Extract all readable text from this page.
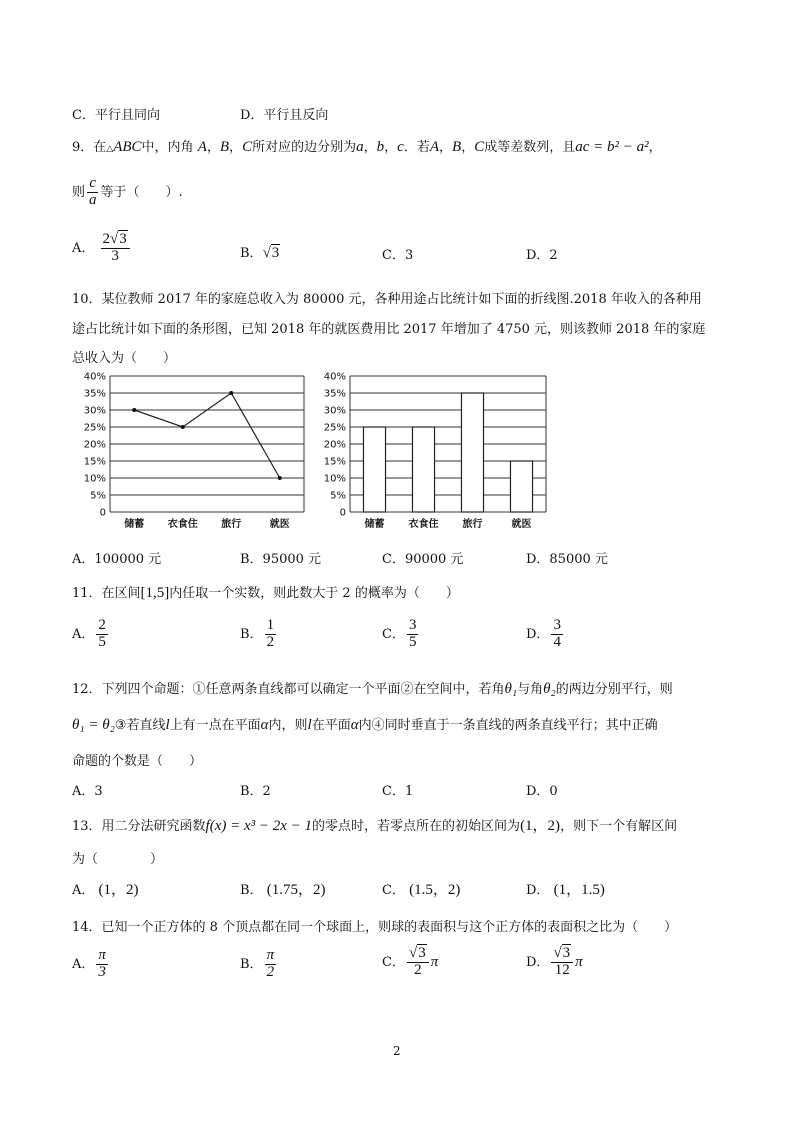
C．平行且同向	D．平行且反向
9．在△ABC中，内角 A，B，C所对应的边分别为a，b，c．若A，B，C成等差数列，且ac = b² − a²，
则 $\frac{c}{a}$ 等于（　　）.
A． $\frac{2√3}{3}$	B．√3	C．3	D．2
10．某位教师 2017 年的家庭总收入为 80000 元，各种用途占比统计如下面的折线图.2018 年收入的各种用
途占比统计如下面的条形图，已知 2018 年的就医费用比 2017 年增加了 4750 元，则该教师 2018 年的家庭
总收入为（　　）
0
5%
10%
15%
20%
25%
30%
35%
40%
储蓄 衣食住 旅行	就医
0
5%
10%
15%
20%
25%
30%
35%
40%
储蓄 衣食住 旅行	就医
A．100000 元	B．95000 元	C．90000 元	D．85000 元
11．在区间[1,5]内任取一个实数，则此数大于 2 的概率为（　　）
A． $\frac{2}{5}$	B． $\frac{1}{2}$	C． $\frac{3}{5}$	D． $\frac{3}{4}$
12．下列四个命题：①任意两条直线都可以确定一个平面②在空间中，若角θ₁与角θ₂的两边分别平行，则
θ₁ = θ₂③若直线l上有一点在平面α内，则l在平面α内④同时垂直于一条直线的两条直线平行；其中正确
命题的个数是（　　）
A．3	B．2	C．1	D．0
13．用二分法研究函数f(x) = x³ − 2x − 1的零点时，若零点所在的初始区间为(1，2)，则下一个有解区间
为（　　　　）
A． (1，2)	B． (1.75，2)	C． (1.5，2)	D． (1，1.5)
14．已知一个正方体的 8 个顶点都在同一个球面上，则球的表面积与这个正方体的表面积之比为（　　）
A． $\frac{\pi}{3}$	B． $\frac{\pi}{2}$	C． $\frac{√3}{2}$ π	D． $\frac{√3}{12}$ π
2
